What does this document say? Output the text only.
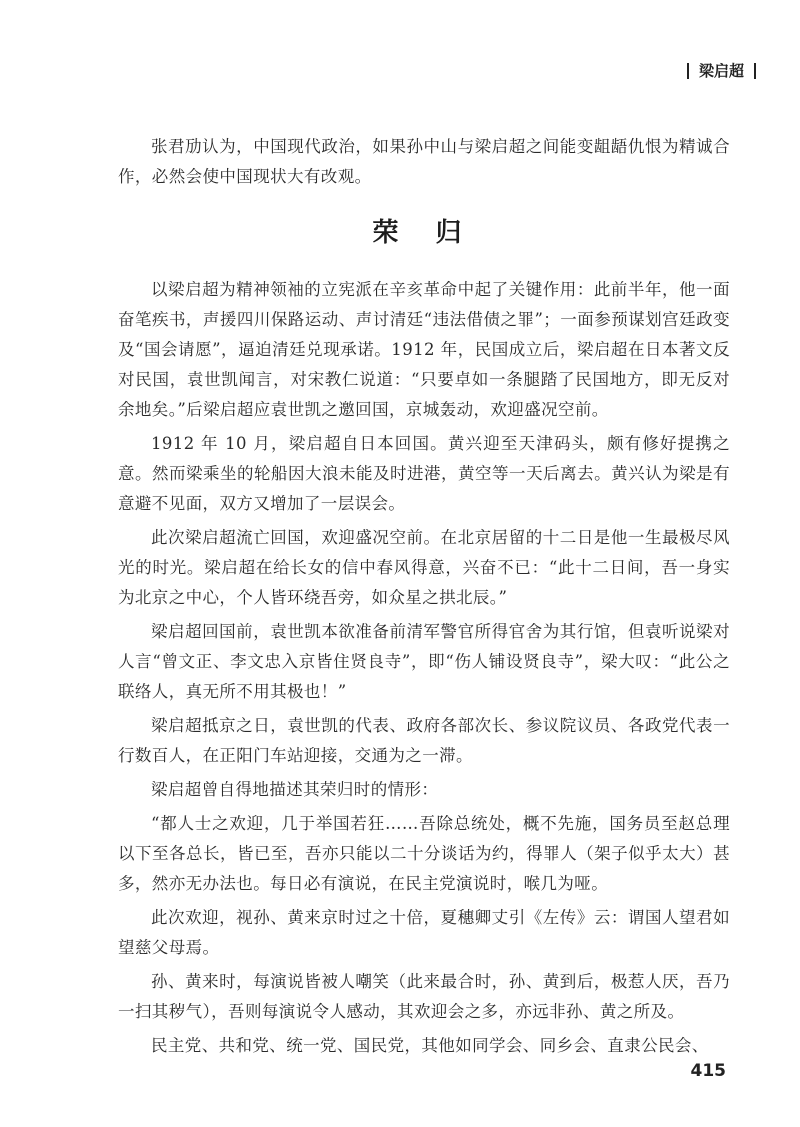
梁启超

张君劢认为，中国现代政治，如果孙中山与梁启超之间能变龃龉仇恨为精诚合作，必然会使中国现状大有改观。

荣 归

以梁启超为精神领袖的立宪派在辛亥革命中起了关键作用：此前半年，他一面奋笔疾书，声援四川保路运动、声讨清廷“违法借债之罪”；一面参预谋划宫廷政变及“国会请愿”，逼迫清廷兑现承诺。1912 年，民国成立后，梁启超在日本著文反对民国，袁世凯闻言，对宋教仁说道：“只要卓如一条腿踏了民国地方，即无反对余地矣。”后梁启超应袁世凯之邀回国，京城轰动，欢迎盛况空前。

1912 年 10 月，梁启超自日本回国。黄兴迎至天津码头，颇有修好提携之意。然而梁乘坐的轮船因大浪未能及时进港，黄空等一天后离去。黄兴认为梁是有意避不见面，双方又增加了一层误会。

此次梁启超流亡回国，欢迎盛况空前。在北京居留的十二日是他一生最极尽风光的时光。梁启超在给长女的信中春风得意，兴奋不已：“此十二日间，吾一身实为北京之中心，个人皆环绕吾旁，如众星之拱北辰。”

梁启超回国前，袁世凯本欲准备前清军警官所得官舍为其行馆，但袁听说梁对人言“曾文正、李文忠入京皆住贤良寺”，即“伤人铺设贤良寺”，梁大叹：“此公之联络人，真无所不用其极也！”

梁启超抵京之日，袁世凯的代表、政府各部次长、参议院议员、各政党代表一行数百人，在正阳门车站迎接，交通为之一滞。

梁启超曾自得地描述其荣归时的情形：

“都人士之欢迎，几于举国若狂……吾除总统处，概不先施，国务员至赵总理以下至各总长，皆已至，吾亦只能以二十分谈话为约，得罪人（架子似乎太大）甚多，然亦无办法也。每日必有演说，在民主党演说时，喉几为哑。

此次欢迎，视孙、黄来京时过之十倍，夏穗卿丈引《左传》云：谓国人望君如望慈父母焉。

孙、黄来时，每演说皆被人嘲笑（此来最合时，孙、黄到后，极惹人厌，吾乃一扫其秽气），吾则每演说令人感动，其欢迎会之多，亦远非孙、黄之所及。

民主党、共和党、统一党、国民党，其他如同学会、同乡会、直隶公民会、

415
